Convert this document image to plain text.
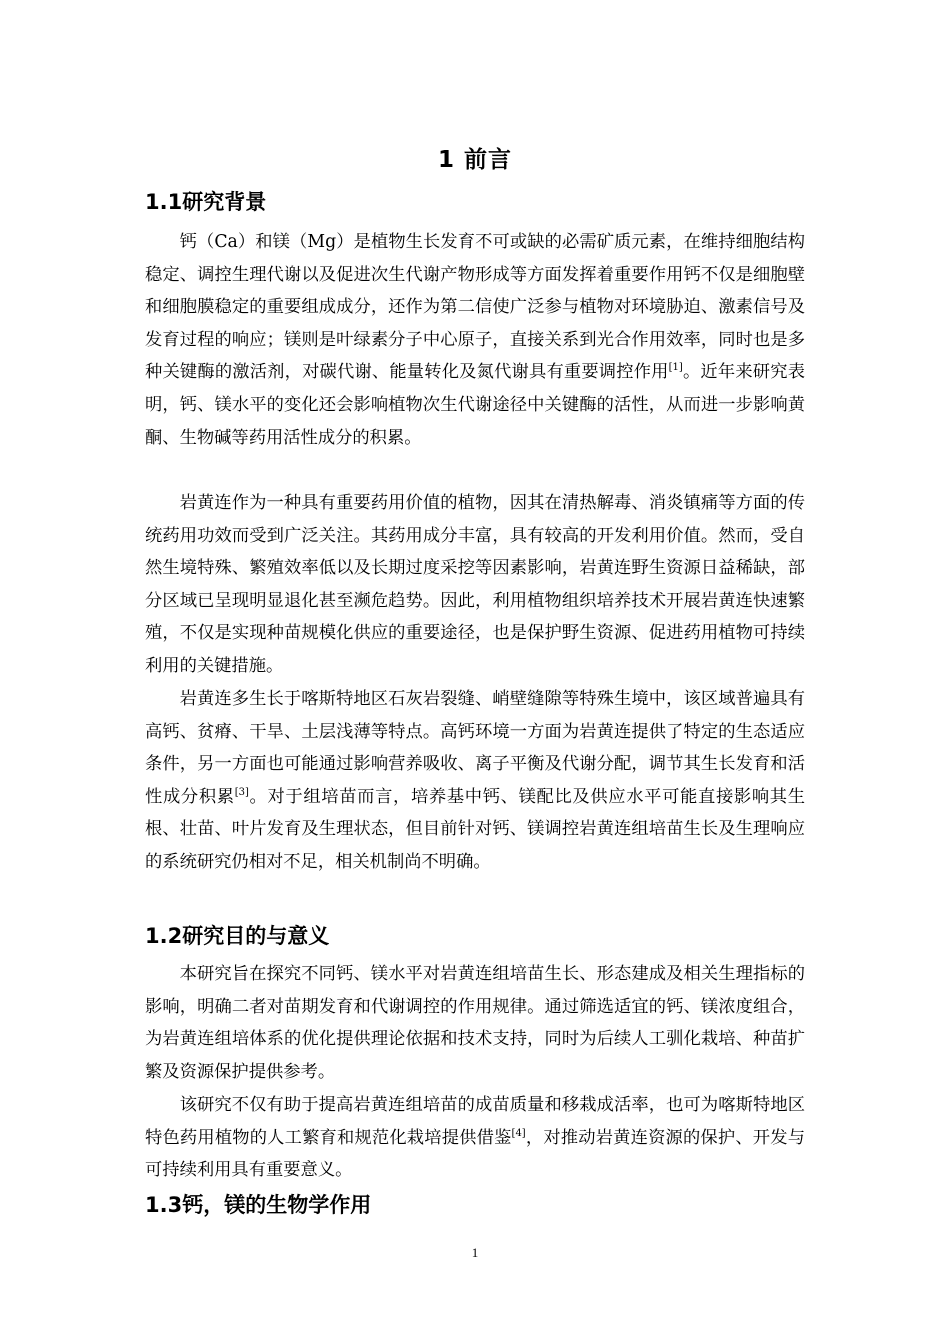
1 前言
1.1研究背景

钙（Ca）和镁（Mg）是植物生长发育不可或缺的必需矿质元素，在维持细胞结构稳定、调控生理代谢以及促进次生代谢产物形成等方面发挥着重要作用钙不仅是细胞壁和细胞膜稳定的重要组成成分，还作为第二信使广泛参与植物对环境胁迫、激素信号及发育过程的响应；镁则是叶绿素分子中心原子，直接关系到光合作用效率，同时也是多种关键酶的激活剂，对碳代谢、能量转化及氮代谢具有重要调控作用[1]。近年来研究表明，钙、镁水平的变化还会影响植物次生代谢途径中关键酶的活性，从而进一步影响黄酮、生物碱等药用活性成分的积累。

岩黄连作为一种具有重要药用价值的植物，因其在清热解毒、消炎镇痛等方面的传统药用功效而受到广泛关注。其药用成分丰富，具有较高的开发利用价值。然而，受自然生境特殊、繁殖效率低以及长期过度采挖等因素影响，岩黄连野生资源日益稀缺，部分区域已呈现明显退化甚至濒危趋势。因此，利用植物组织培养技术开展岩黄连快速繁殖，不仅是实现种苗规模化供应的重要途径，也是保护野生资源、促进药用植物可持续利用的关键措施。

岩黄连多生长于喀斯特地区石灰岩裂缝、峭壁缝隙等特殊生境中，该区域普遍具有高钙、贫瘠、干旱、土层浅薄等特点。高钙环境一方面为岩黄连提供了特定的生态适应条件，另一方面也可能通过影响营养吸收、离子平衡及代谢分配，调节其生长发育和活性成分积累[3]。对于组培苗而言，培养基中钙、镁配比及供应水平可能直接影响其生根、壮苗、叶片发育及生理状态，但目前针对钙、镁调控岩黄连组培苗生长及生理响应的系统研究仍相对不足，相关机制尚不明确。

1.2研究目的与意义

本研究旨在探究不同钙、镁水平对岩黄连组培苗生长、形态建成及相关生理指标的影响，明确二者对苗期发育和代谢调控的作用规律。通过筛选适宜的钙、镁浓度组合，为岩黄连组培体系的优化提供理论依据和技术支持，同时为后续人工驯化栽培、种苗扩繁及资源保护提供参考。

该研究不仅有助于提高岩黄连组培苗的成苗质量和移栽成活率，也可为喀斯特地区特色药用植物的人工繁育和规范化栽培提供借鉴[4]，对推动岩黄连资源的保护、开发与可持续利用具有重要意义。

1.3钙，镁的生物学作用
1
